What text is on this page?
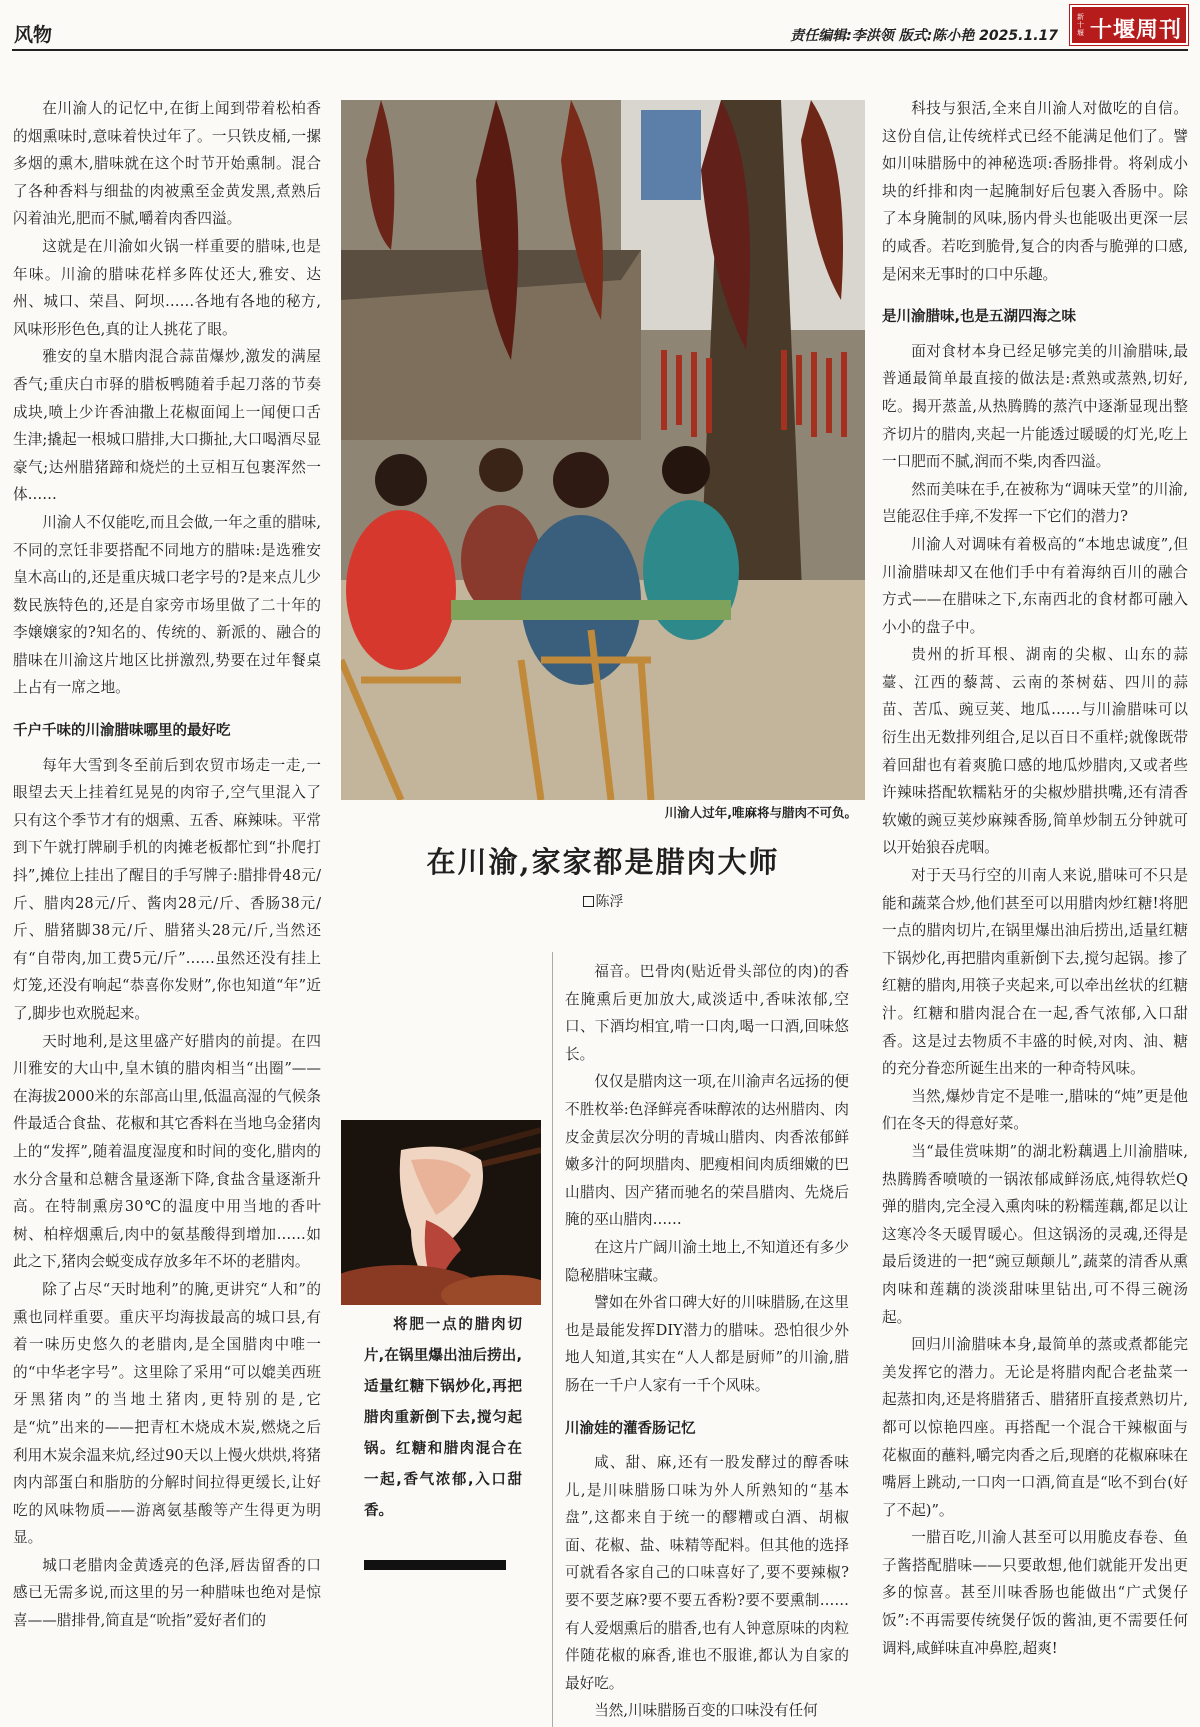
风物	责任编辑:李洪领 版式:陈小艳 2025.1.17
新十堰 十堰周刊

在川渝人的记忆中,在街上闻到带着松柏香的烟熏味时,意味着快过年了。一只铁皮桶,一摞多烟的熏木,腊味就在这个时节开始熏制。混合了各种香料与细盐的肉被熏至金黄发黑,煮熟后闪着油光,肥而不腻,嚼着肉香四溢。

这就是在川渝如火锅一样重要的腊味,也是年味。川渝的腊味花样多阵仗还大,雅安、达州、城口、荣昌、阿坝……各地有各地的秘方,风味形形色色,真的让人挑花了眼。

雅安的皇木腊肉混合蒜苗爆炒,激发的满屋香气;重庆白市驿的腊板鸭随着手起刀落的节奏成块,喷上少许香油撒上花椒面闻上一闻便口舌生津;撬起一根城口腊排,大口撕扯,大口喝酒尽显豪气;达州腊猪蹄和烧烂的土豆相互包裹浑然一体……

川渝人不仅能吃,而且会做,一年之重的腊味,不同的烹饪非要搭配不同地方的腊味:是选雅安皇木高山的,还是重庆城口老字号的?是来点儿少数民族特色的,还是自家旁市场里做了二十年的李嬢嬢家的?知名的、传统的、新派的、融合的腊味在川渝这片地区比拼激烈,势要在过年餐桌上占有一席之地。

千户千味的川渝腊味哪里的最好吃

每年大雪到冬至前后到农贸市场走一走,一眼望去天上挂着红晃晃的肉帘子,空气里混入了只有这个季节才有的烟熏、五香、麻辣味。平常到下午就打牌刷手机的肉摊老板都忙到“扑爬打抖”,摊位上挂出了醒目的手写牌子:腊排骨48元/斤、腊肉28元/斤、酱肉28元/斤、香肠38元/斤、腊猪脚38元/斤、腊猪头28元/斤,当然还有“自带肉,加工费5元/斤”……虽然还没有挂上灯笼,还没有响起“恭喜你发财”,你也知道“年”近了,脚步也欢脱起来。

天时地利,是这里盛产好腊肉的前提。在四川雅安的大山中,皇木镇的腊肉相当“出圈”——在海拔2000米的东部高山里,低温高湿的气候条件最适合食盐、花椒和其它香料在当地乌金猪肉上的“发挥”,随着温度湿度和时间的变化,腊肉的水分含量和总糖含量逐渐下降,食盐含量逐渐升高。在特制熏房30℃的温度中用当地的香叶树、柏梓烟熏后,肉中的氨基酸得到增加……如此之下,猪肉会蜕变成存放多年不坏的老腊肉。

除了占尽“天时地利”的腌,更讲究“人和”的熏也同样重要。重庆平均海拔最高的城口县,有着一味历史悠久的老腊肉,是全国腊肉中唯一的“中华老字号”。这里除了采用“可以媲美西班牙黑猪肉”的当地土猪肉,更特别的是,它是“炕”出来的——把青杠木烧成木炭,燃烧之后利用木炭余温来炕,经过90天以上慢火烘烘,将猪肉内部蛋白和脂肪的分解时间拉得更缓长,让好吃的风味物质——游离氨基酸等产生得更为明显。

城口老腊肉金黄透亮的色泽,唇齿留香的口感已无需多说,而这里的另一种腊味也绝对是惊喜——腊排骨,简直是“吮指”爱好者们的

川渝人过年,唯麻将与腊肉不可负。
在川渝,家家都是腊肉大师
陈浮

将肥一点的腊肉切片,在锅里爆出油后捞出,适量红糖下锅炒化,再把腊肉重新倒下去,搅匀起锅。红糖和腊肉混合在一起,香气浓郁,入口甜香。

福音。巴骨肉(贴近骨头部位的肉)的香在腌熏后更加放大,咸淡适中,香味浓郁,空口、下酒均相宜,啃一口肉,喝一口酒,回味悠长。

仅仅是腊肉这一项,在川渝声名远扬的便不胜枚举:色泽鲜亮香味醇浓的达州腊肉、肉皮金黄层次分明的青城山腊肉、肉香浓郁鲜嫩多汁的阿坝腊肉、肥瘦相间肉质细嫩的巴山腊肉、因产猪而驰名的荣昌腊肉、先烧后腌的巫山腊肉……

在这片广阔川渝土地上,不知道还有多少隐秘腊味宝藏。

譬如在外省口碑大好的川味腊肠,在这里也是最能发挥DIY潜力的腊味。恐怕很少外地人知道,其实在“人人都是厨师”的川渝,腊肠在一千户人家有一千个风味。

川渝娃的灌香肠记忆

咸、甜、麻,还有一股发酵过的醇香味儿,是川味腊肠口味为外人所熟知的“基本盘”,这都来自于统一的醪糟或白酒、胡椒面、花椒、盐、味精等配料。但其他的选择可就看各家自己的口味喜好了,要不要辣椒?要不要芝麻?要不要五香粉?要不要熏制……有人爱烟熏后的腊香,也有人钟意原味的肉粒伴随花椒的麻香,谁也不服谁,都认为自家的最好吃。

当然,川味腊肠百变的口味没有任何

科技与狠活,全来自川渝人对做吃的自信。这份自信,让传统样式已经不能满足他们了。譬如川味腊肠中的神秘选项:香肠排骨。将剁成小块的纤排和肉一起腌制好后包裹入香肠中。除了本身腌制的风味,肠内骨头也能吸出更深一层的咸香。若吃到脆骨,复合的肉香与脆弹的口感,是闲来无事时的口中乐趣。

是川渝腊味,也是五湖四海之味

面对食材本身已经足够完美的川渝腊味,最普通最简单最直接的做法是:煮熟或蒸熟,切好,吃。揭开蒸盖,从热腾腾的蒸汽中逐渐显现出整齐切片的腊肉,夹起一片能透过暖暖的灯光,吃上一口肥而不腻,润而不柴,肉香四溢。

然而美味在手,在被称为“调味天堂”的川渝,岂能忍住手痒,不发挥一下它们的潜力?

川渝人对调味有着极高的“本地忠诚度”,但川渝腊味却又在他们手中有着海纳百川的融合方式——在腊味之下,东南西北的食材都可融入小小的盘子中。

贵州的折耳根、湖南的尖椒、山东的蒜薹、江西的藜蒿、云南的茶树菇、四川的蒜苗、苦瓜、豌豆荚、地瓜……与川渝腊味可以衍生出无数排列组合,足以百日不重样;就像既带着回甜也有着爽脆口感的地瓜炒腊肉,又或者些许辣味搭配软糯粘牙的尖椒炒腊拱嘴,还有清香软嫩的豌豆荚炒麻辣香肠,简单炒制五分钟就可以开始狼吞虎咽。

对于天马行空的川南人来说,腊味可不只是能和蔬菜合炒,他们甚至可以用腊肉炒红糖!将肥一点的腊肉切片,在锅里爆出油后捞出,适量红糖下锅炒化,再把腊肉重新倒下去,搅匀起锅。掺了红糖的腊肉,用筷子夹起来,可以牵出丝状的红糖汁。红糖和腊肉混合在一起,香气浓郁,入口甜香。这是过去物质不丰盛的时候,对肉、油、糖的充分眷恋所诞生出来的一种奇特风味。

当然,爆炒肯定不是唯一,腊味的“炖”更是他们在冬天的得意好菜。

当“最佳赏味期”的湖北粉藕遇上川渝腊味,热腾腾香喷喷的一锅浓郁咸鲜汤底,炖得软烂Q弹的腊肉,完全浸入熏肉味的粉糯莲藕,都足以让这寒冷冬天暖胃暖心。但这锅汤的灵魂,还得是最后烫进的一把“豌豆颠颠儿”,蔬菜的清香从熏肉味和莲藕的淡淡甜味里钻出,可不得三碗汤起。

回归川渝腊味本身,最简单的蒸或煮都能完美发挥它的潜力。无论是将腊肉配合老盐菜一起蒸扣肉,还是将腊猪舌、腊猪肝直接煮熟切片,都可以惊艳四座。再搭配一个混合干辣椒面与花椒面的蘸料,嚼完肉香之后,现磨的花椒麻味在嘴唇上跳动,一口肉一口酒,简直是“吆不到台(好了不起)”。

一腊百吃,川渝人甚至可以用脆皮春卷、鱼子酱搭配腊味——只要敢想,他们就能开发出更多的惊喜。甚至川味香肠也能做出“广式煲仔饭”:不再需要传统煲仔饭的酱油,更不需要任何调料,咸鲜味直冲鼻腔,超爽!
